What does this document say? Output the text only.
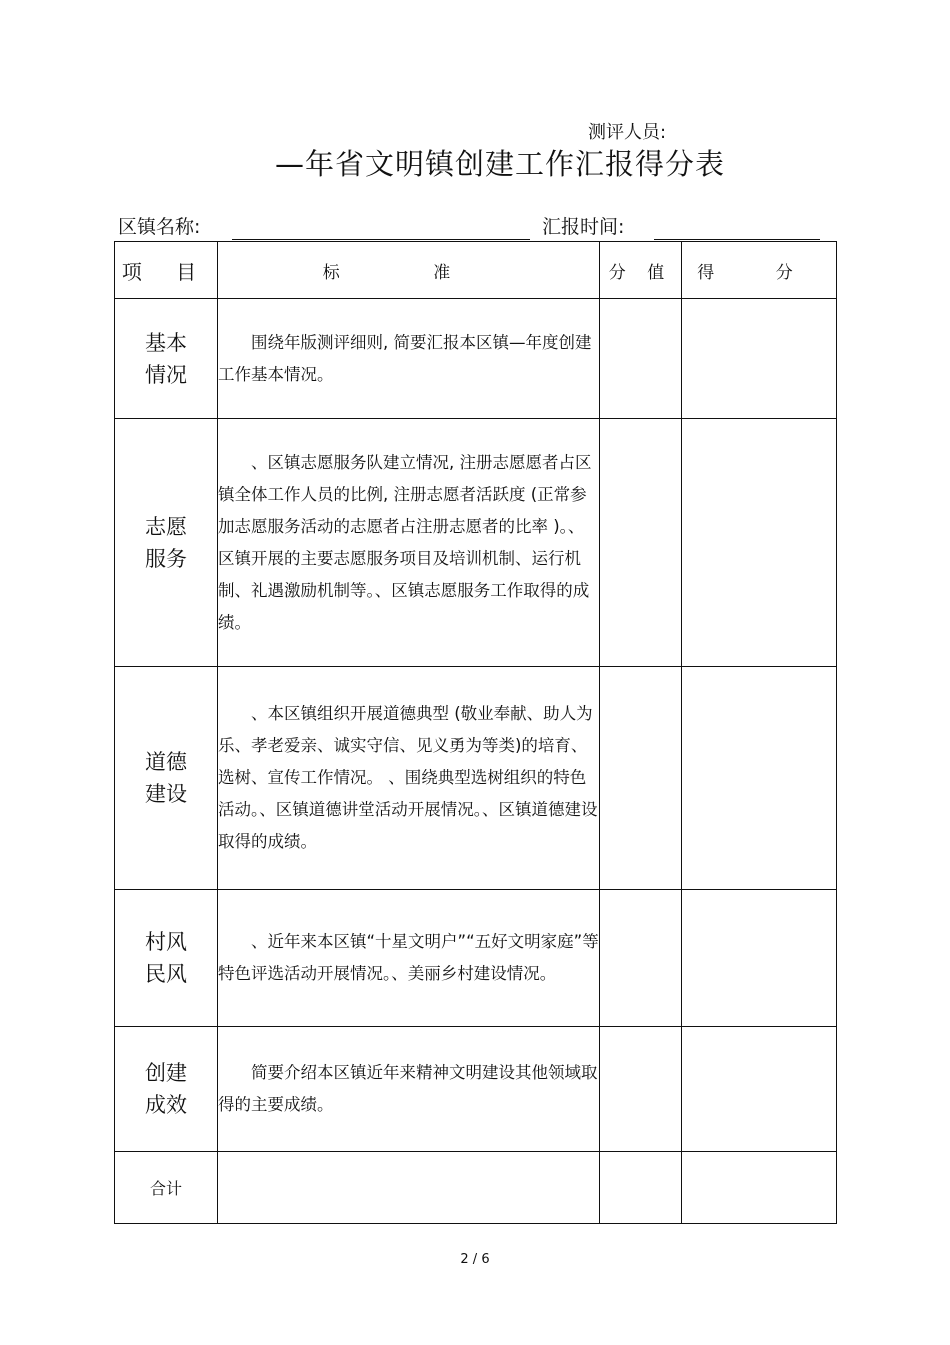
测评人员:
—年省文明镇创建工作汇报得分表
区镇名称:	汇报时间:
项 目	标 准	分 值	得 分
基本情况	围绕年版测评细则, 简要汇报本区镇—年度创建工作基本情况。		
志愿服务	、区镇志愿服务队建立情况, 注册志愿愿者占区镇全体工作人员的比例, 注册志愿者活跃度 (正常参加志愿服务活动的志愿者占注册志愿者的比率 )。、区镇开展的主要志愿服务项目及培训机制、运行机制、礼遇激励机制等。、区镇志愿服务工作取得的成绩。		
道德建设	、本区镇组织开展道德典型 (敬业奉献、助人为乐、孝老爱亲、诚实守信、见义勇为等类)的培育、选树、宣传工作情况。 、围绕典型选树组织的特色活动。、区镇道德讲堂活动开展情况。、区镇道德建设取得的成绩。		
村风民风	、近年来本区镇“十星文明户”“五好文明家庭”等特色评选活动开展情况。、美丽乡村建设情况。		
创建成效	简要介绍本区镇近年来精神文明建设其他领域取得的主要成绩。		
合计			
2 / 6
